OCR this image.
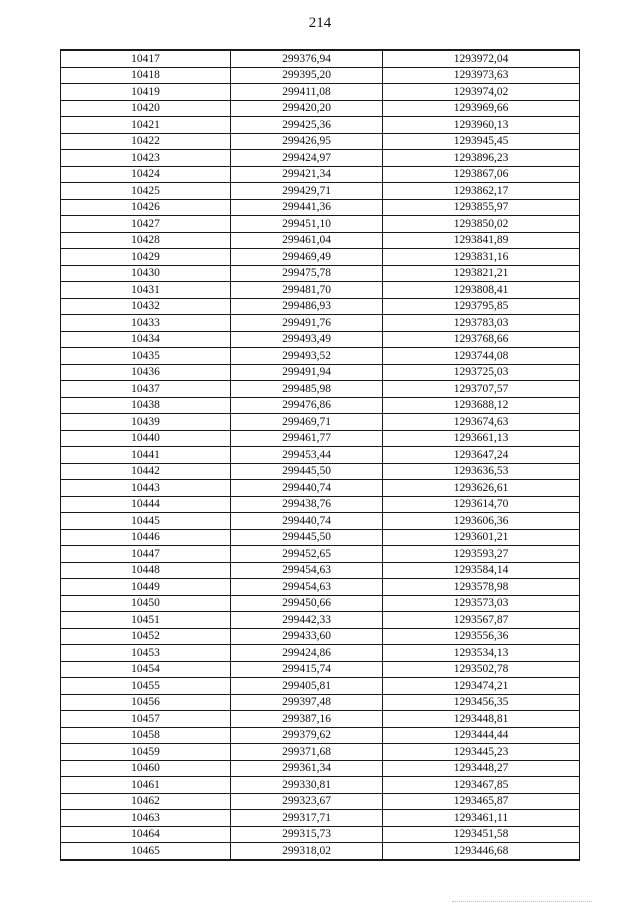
214
10417	299376,94	1293972,04
10418	299395,20	1293973,63
10419	299411,08	1293974,02
10420	299420,20	1293969,66
10421	299425,36	1293960,13
10422	299426,95	1293945,45
10423	299424,97	1293896,23
10424	299421,34	1293867,06
10425	299429,71	1293862,17
10426	299441,36	1293855,97
10427	299451,10	1293850,02
10428	299461,04	1293841,89
10429	299469,49	1293831,16
10430	299475,78	1293821,21
10431	299481,70	1293808,41
10432	299486,93	1293795,85
10433	299491,76	1293783,03
10434	299493,49	1293768,66
10435	299493,52	1293744,08
10436	299491,94	1293725,03
10437	299485,98	1293707,57
10438	299476,86	1293688,12
10439	299469,71	1293674,63
10440	299461,77	1293661,13
10441	299453,44	1293647,24
10442	299445,50	1293636,53
10443	299440,74	1293626,61
10444	299438,76	1293614,70
10445	299440,74	1293606,36
10446	299445,50	1293601,21
10447	299452,65	1293593,27
10448	299454,63	1293584,14
10449	299454,63	1293578,98
10450	299450,66	1293573,03
10451	299442,33	1293567,87
10452	299433,60	1293556,36
10453	299424,86	1293534,13
10454	299415,74	1293502,78
10455	299405,81	1293474,21
10456	299397,48	1293456,35
10457	299387,16	1293448,81
10458	299379,62	1293444,44
10459	299371,68	1293445,23
10460	299361,34	1293448,27
10461	299330,81	1293467,85
10462	299323,67	1293465,87
10463	299317,71	1293461,11
10464	299315,73	1293451,58
10465	299318,02	1293446,68
